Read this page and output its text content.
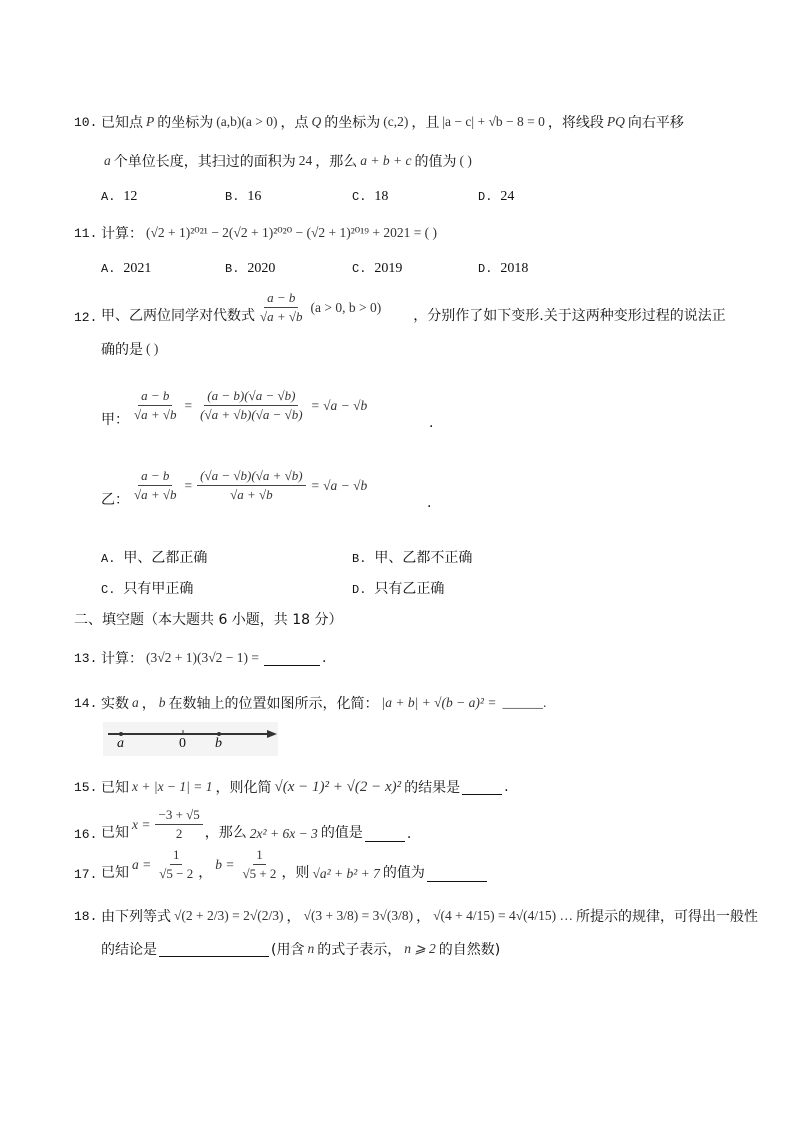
10. 已知点 P 的坐标为 (a,b)(a > 0) ，点 Q 的坐标为 (c,2) ，且 |a − c| + √b − 8 = 0 ，将线段 PQ 向右平移
a 个单位长度，其扫过的面积为 24 ，那么 a + b + c 的值为 ( )
A. 12	B. 16	C. 18	D. 24
11. 计算： (√2 + 1)²⁰²¹ − 2(√2 + 1)²⁰²⁰ − (√2 + 1)²⁰¹⁹ + 2021 = ( )
A. 2021	B. 2020	C. 2019	D. 2018
12. 甲、乙两位同学对代数式 $\frac{a - b}{√a + √b} (a > 0$, b > 0)
，分别作了如下变形.关于这两种变形过程的说法正
确的是 ( )
甲： $\frac{a - b}{√a + √b} = \frac{(a - b)(√a - √b)}{(√a + √b)(√a - √b)} = √a - √b$
.
乙： $\frac{a - b}{√a + √b} = \frac{(√a - √b)(√a + √b)}{√a + √b} = √a - √b$
.
A. 甲、乙都正确	B. 甲、乙都不正确
C. 只有甲正确	D. 只有乙正确
二、填空题（本大题共 6 小题，共 18 分）
13. 计算： (3√2 + 1)(3√2 − 1) =	.
14. 实数 a ， b 在数轴上的位置如图所示，化简： |a + b| + √(b − a)² = ______.
a	0 b
15. 已知 x + |x − 1| = 1 ，则化简 √(x − 1)² + √(2 − x)² 的结果是	.
16. 已知
$x = \frac{-3 + √5}{2}$ ，那么 2x² + 6x − 3 的值是	.
17. 已知
$a = \frac{1}{√5 - 2}$ ，
$b = \frac{1}{√5 + 2}$ ，则 √a² + b² + 7 的值为
18. 由下列等式 √(2 + 2/3) = 2√(2/3) ， √(3 + 3/8) = 3√(3/8) ， √(4 + 4/15) = 4√(4/15) … 所提示的规律，可得出一般性
的结论是	(用含 n 的式子表示， n ⩾ 2 的自然数)
